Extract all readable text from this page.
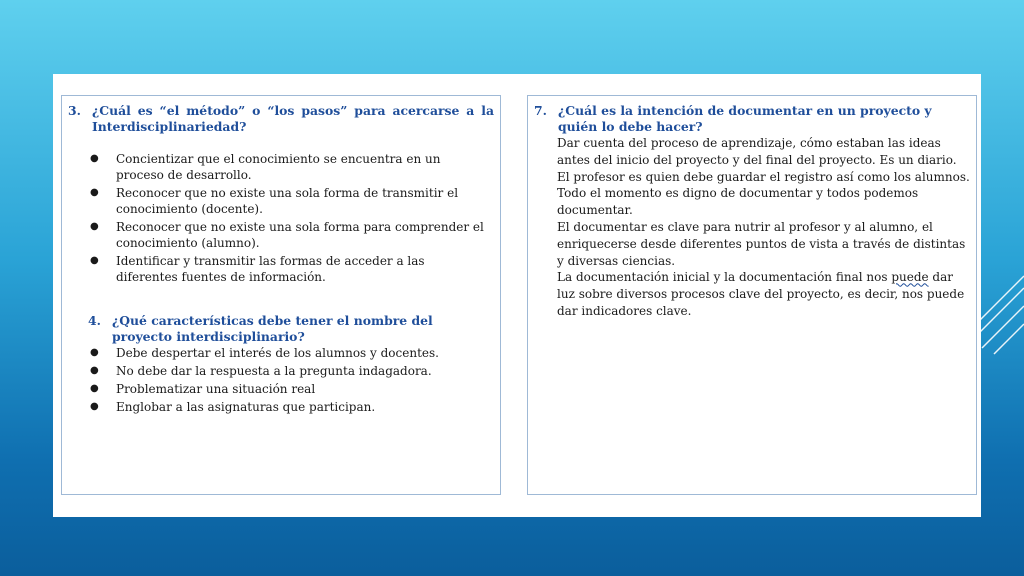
3. ¿Cuál es “el método” o “los pasos” para acercarse a la Interdisciplinariedad?
●	Concientizar que el conocimiento se encuentra en un proceso de desarrollo.
●	Reconocer que no existe una sola forma de transmitir el conocimiento (docente).
●	Reconocer que no existe una sola forma para comprender el conocimiento (alumno).
●	Identificar y transmitir las formas de acceder a las diferentes fuentes de información.
4. ¿Qué características debe tener el nombre del proyecto interdisciplinario?
●	Debe despertar el interés de los alumnos y docentes.
●	No debe dar la respuesta a la pregunta indagadora.
●	Problematizar una situación real
●	Englobar a las asignaturas que participan.
7. ¿Cuál es la intención de documentar en un proyecto y quién lo debe hacer?

Dar cuenta del proceso de aprendizaje, cómo estaban las ideas antes del inicio del proyecto y del final del proyecto. Es un diario.

El profesor es quien debe guardar el registro así como los alumnos.

Todo el momento es digno de documentar y todos podemos documentar.

El documentar es clave para nutrir al profesor y al alumno, el enriquecerse desde diferentes puntos de vista a través de distintas y diversas ciencias.

La documentación inicial y la documentación final nos puede dar luz sobre diversos procesos clave del proyecto, es decir, nos puede dar indicadores clave.
